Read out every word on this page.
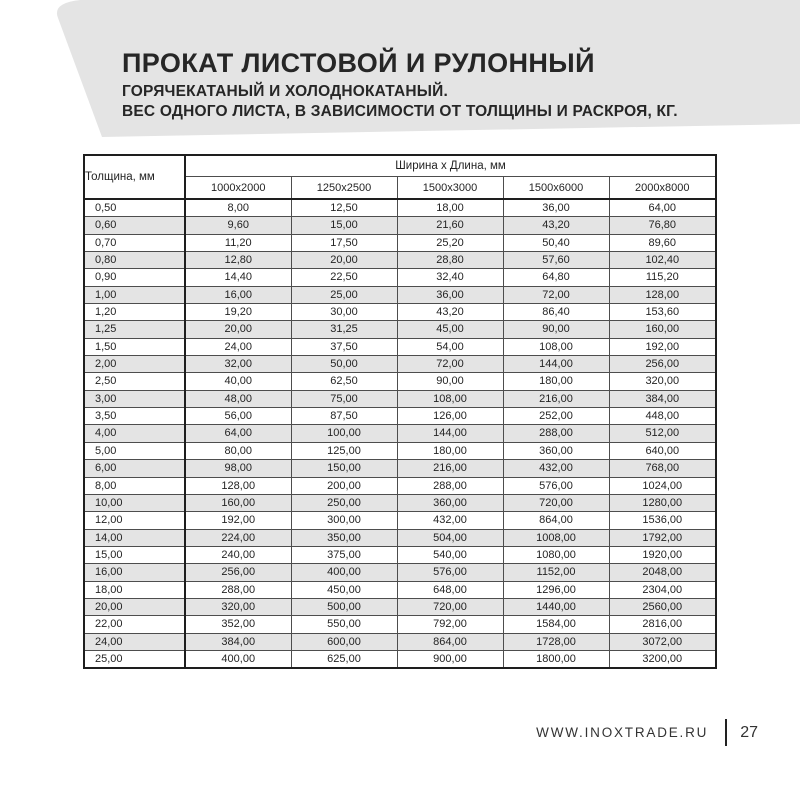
ПРОКАТ ЛИСТОВОЙ И РУЛОННЫЙ

ГОРЯЧЕКАТАНЫЙ И ХОЛОДНОКАТАНЫЙ.

ВЕС ОДНОГО ЛИСТА, В ЗАВИСИМОСТИ ОТ ТОЛЩИНЫ И РАСКРОЯ, КГ.

Толщина, мм	Ширина х Длина, мм				
	1000x2000	1250x2500	1500x3000	1500x6000	2000x8000
0,50	8,00	12,50	18,00	36,00	64,00
0,60	9,60	15,00	21,60	43,20	76,80
0,70	11,20	17,50	25,20	50,40	89,60
0,80	12,80	20,00	28,80	57,60	102,40
0,90	14,40	22,50	32,40	64,80	115,20
1,00	16,00	25,00	36,00	72,00	128,00
1,20	19,20	30,00	43,20	86,40	153,60
1,25	20,00	31,25	45,00	90,00	160,00
1,50	24,00	37,50	54,00	108,00	192,00
2,00	32,00	50,00	72,00	144,00	256,00
2,50	40,00	62,50	90,00	180,00	320,00
3,00	48,00	75,00	108,00	216,00	384,00
3,50	56,00	87,50	126,00	252,00	448,00
4,00	64,00	100,00	144,00	288,00	512,00
5,00	80,00	125,00	180,00	360,00	640,00
6,00	98,00	150,00	216,00	432,00	768,00
8,00	128,00	200,00	288,00	576,00	1024,00
10,00	160,00	250,00	360,00	720,00	1280,00
12,00	192,00	300,00	432,00	864,00	1536,00
14,00	224,00	350,00	504,00	1008,00	1792,00
15,00	240,00	375,00	540,00	1080,00	1920,00
16,00	256,00	400,00	576,00	1152,00	2048,00
18,00	288,00	450,00	648,00	1296,00	2304,00
20,00	320,00	500,00	720,00	1440,00	2560,00
22,00	352,00	550,00	792,00	1584,00	2816,00
24,00	384,00	600,00	864,00	1728,00	3072,00
25,00	400,00	625,00	900,00	1800,00	3200,00
WWW.INOXTRADE.RU 27
